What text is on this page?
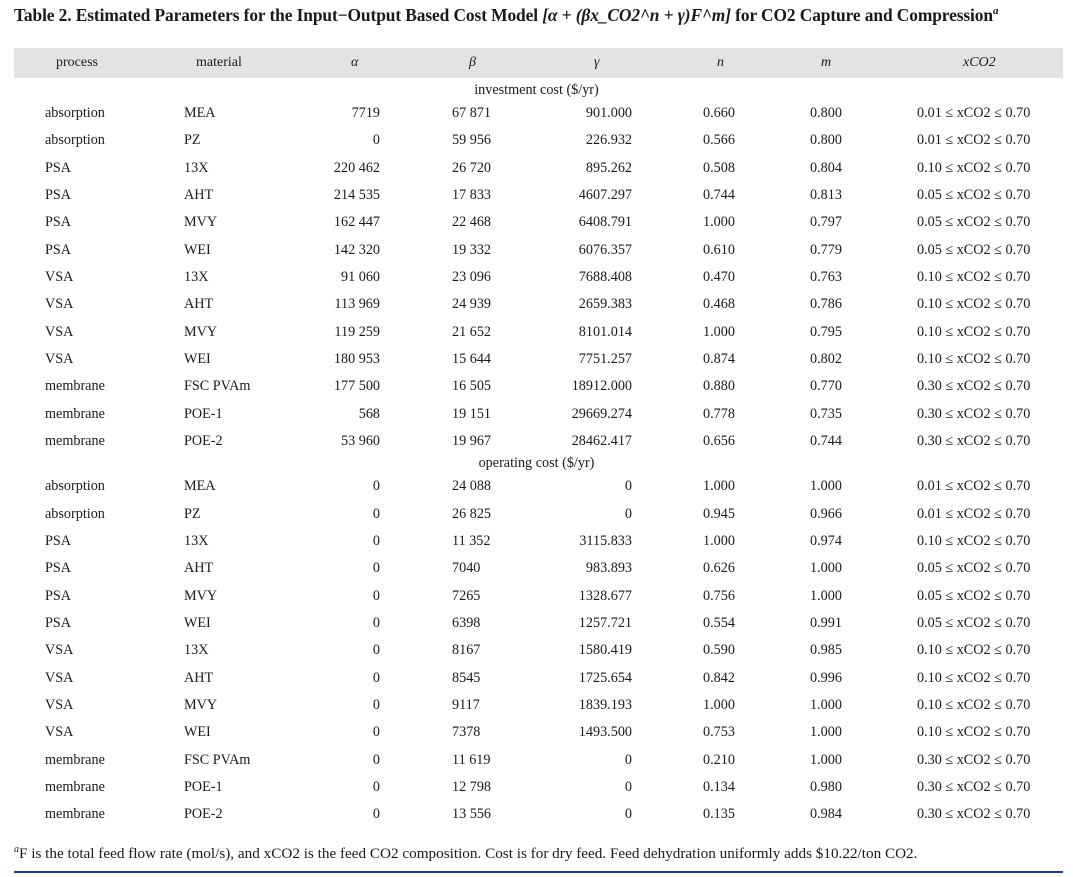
Table 2. Estimated Parameters for the Input−Output Based Cost Model [α + (βx_CO2^n + γ)F^m] for CO2 Capture and Compression$^a$
process	material	α	β	γ	n	m	xCO2
investment cost ($/yr)
absorption	MEA	7719	67 871	901.000	0.660	0.800	0.01 ≤ xCO2 ≤ 0.70
absorption	PZ	0	59 956	226.932	0.566	0.800	0.01 ≤ xCO2 ≤ 0.70
PSA	13X	220 462	26 720	895.262	0.508	0.804	0.10 ≤ xCO2 ≤ 0.70
PSA	AHT	214 535	17 833	4607.297	0.744	0.813	0.05 ≤ xCO2 ≤ 0.70
PSA	MVY	162 447	22 468	6408.791	1.000	0.797	0.05 ≤ xCO2 ≤ 0.70
PSA	WEI	142 320	19 332	6076.357	0.610	0.779	0.05 ≤ xCO2 ≤ 0.70
VSA	13X	91 060	23 096	7688.408	0.470	0.763	0.10 ≤ xCO2 ≤ 0.70
VSA	AHT	113 969	24 939	2659.383	0.468	0.786	0.10 ≤ xCO2 ≤ 0.70
VSA	MVY	119 259	21 652	8101.014	1.000	0.795	0.10 ≤ xCO2 ≤ 0.70
VSA	WEI	180 953	15 644	7751.257	0.874	0.802	0.10 ≤ xCO2 ≤ 0.70
membrane	FSC PVAm	177 500	16 505	18912.000	0.880	0.770	0.30 ≤ xCO2 ≤ 0.70
membrane	POE-1	568	19 151	29669.274	0.778	0.735	0.30 ≤ xCO2 ≤ 0.70
membrane	POE-2	53 960	19 967	28462.417	0.656	0.744	0.30 ≤ xCO2 ≤ 0.70
operating cost ($/yr)
absorption	MEA	0	24 088	0	1.000	1.000	0.01 ≤ xCO2 ≤ 0.70
absorption	PZ	0	26 825	0	0.945	0.966	0.01 ≤ xCO2 ≤ 0.70
PSA	13X	0	11 352	3115.833	1.000	0.974	0.10 ≤ xCO2 ≤ 0.70
PSA	AHT	0	7040	983.893	0.626	1.000	0.05 ≤ xCO2 ≤ 0.70
PSA	MVY	0	7265	1328.677	0.756	1.000	0.05 ≤ xCO2 ≤ 0.70
PSA	WEI	0	6398	1257.721	0.554	0.991	0.05 ≤ xCO2 ≤ 0.70
VSA	13X	0	8167	1580.419	0.590	0.985	0.10 ≤ xCO2 ≤ 0.70
VSA	AHT	0	8545	1725.654	0.842	0.996	0.10 ≤ xCO2 ≤ 0.70
VSA	MVY	0	9117	1839.193	1.000	1.000	0.10 ≤ xCO2 ≤ 0.70
VSA	WEI	0	7378	1493.500	0.753	1.000	0.10 ≤ xCO2 ≤ 0.70
membrane	FSC PVAm	0	11 619	0	0.210	1.000	0.30 ≤ xCO2 ≤ 0.70
membrane	POE-1	0	12 798	0	0.134	0.980	0.30 ≤ xCO2 ≤ 0.70
membrane	POE-2	0	13 556	0	0.135	0.984	0.30 ≤ xCO2 ≤ 0.70
$^a$F is the total feed flow rate (mol/s), and xCO2 is the feed CO2 composition. Cost is for dry feed. Feed dehydration uniformly adds $10.22/ton CO2.
